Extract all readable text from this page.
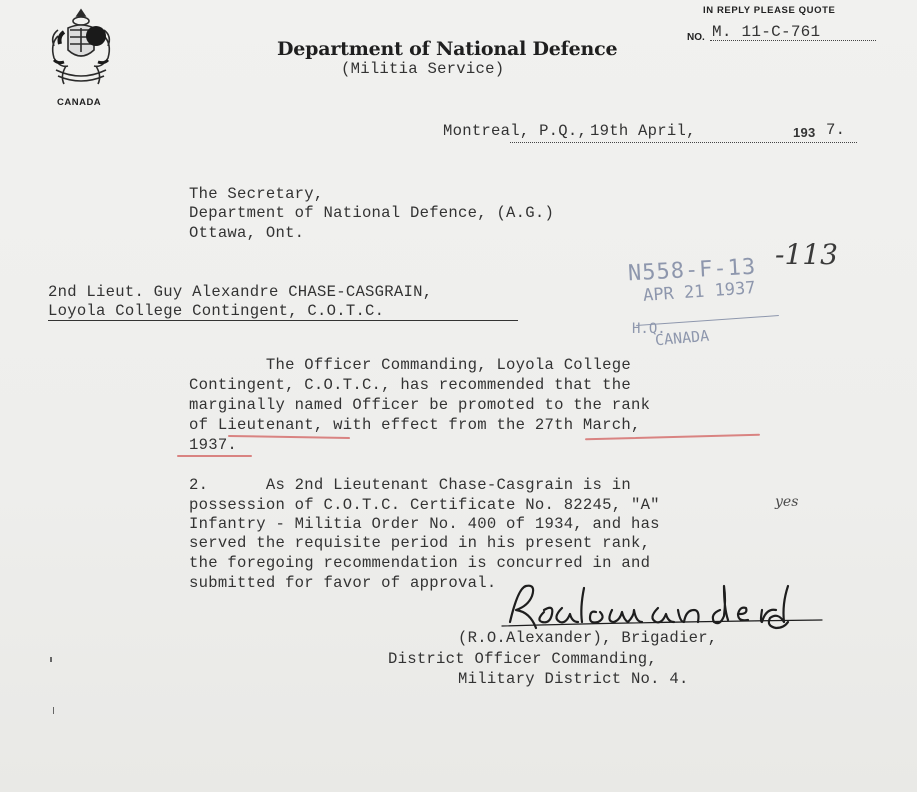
CANADA
Department of National Defence
(Militia Service)
IN REPLY PLEASE QUOTE
NO. M. 11-C-761
Montreal, P.Q., 19th April,	193 7.
The Secretary,
Department of National Defence, (A.G.)
Ottawa, Ont.
2nd Lieut. Guy Alexandre CHASE-CASGRAIN,
Loyola College Contingent, C.O.T.C.
N558-F-13 -113
APR 21 1937
H.Q.
CANADA
The Officer Commanding, Loyola College
Contingent, C.O.T.C., has recommended that the
marginally named Officer be promoted to the rank
of Lieutenant, with effect from the 27th March,
1937.
2.      As 2nd Lieutenant Chase-Casgrain is in
possession of C.O.T.C. Certificate No. 82245, "A"
Infantry - Militia Order No. 400 of 1934, and has
served the requisite period in his present rank,
the foregoing recommendation is concurred in and
submitted for favor of approval.
yes
(R.O.Alexander), Brigadier,
District Officer Commanding,
Military District No. 4.
